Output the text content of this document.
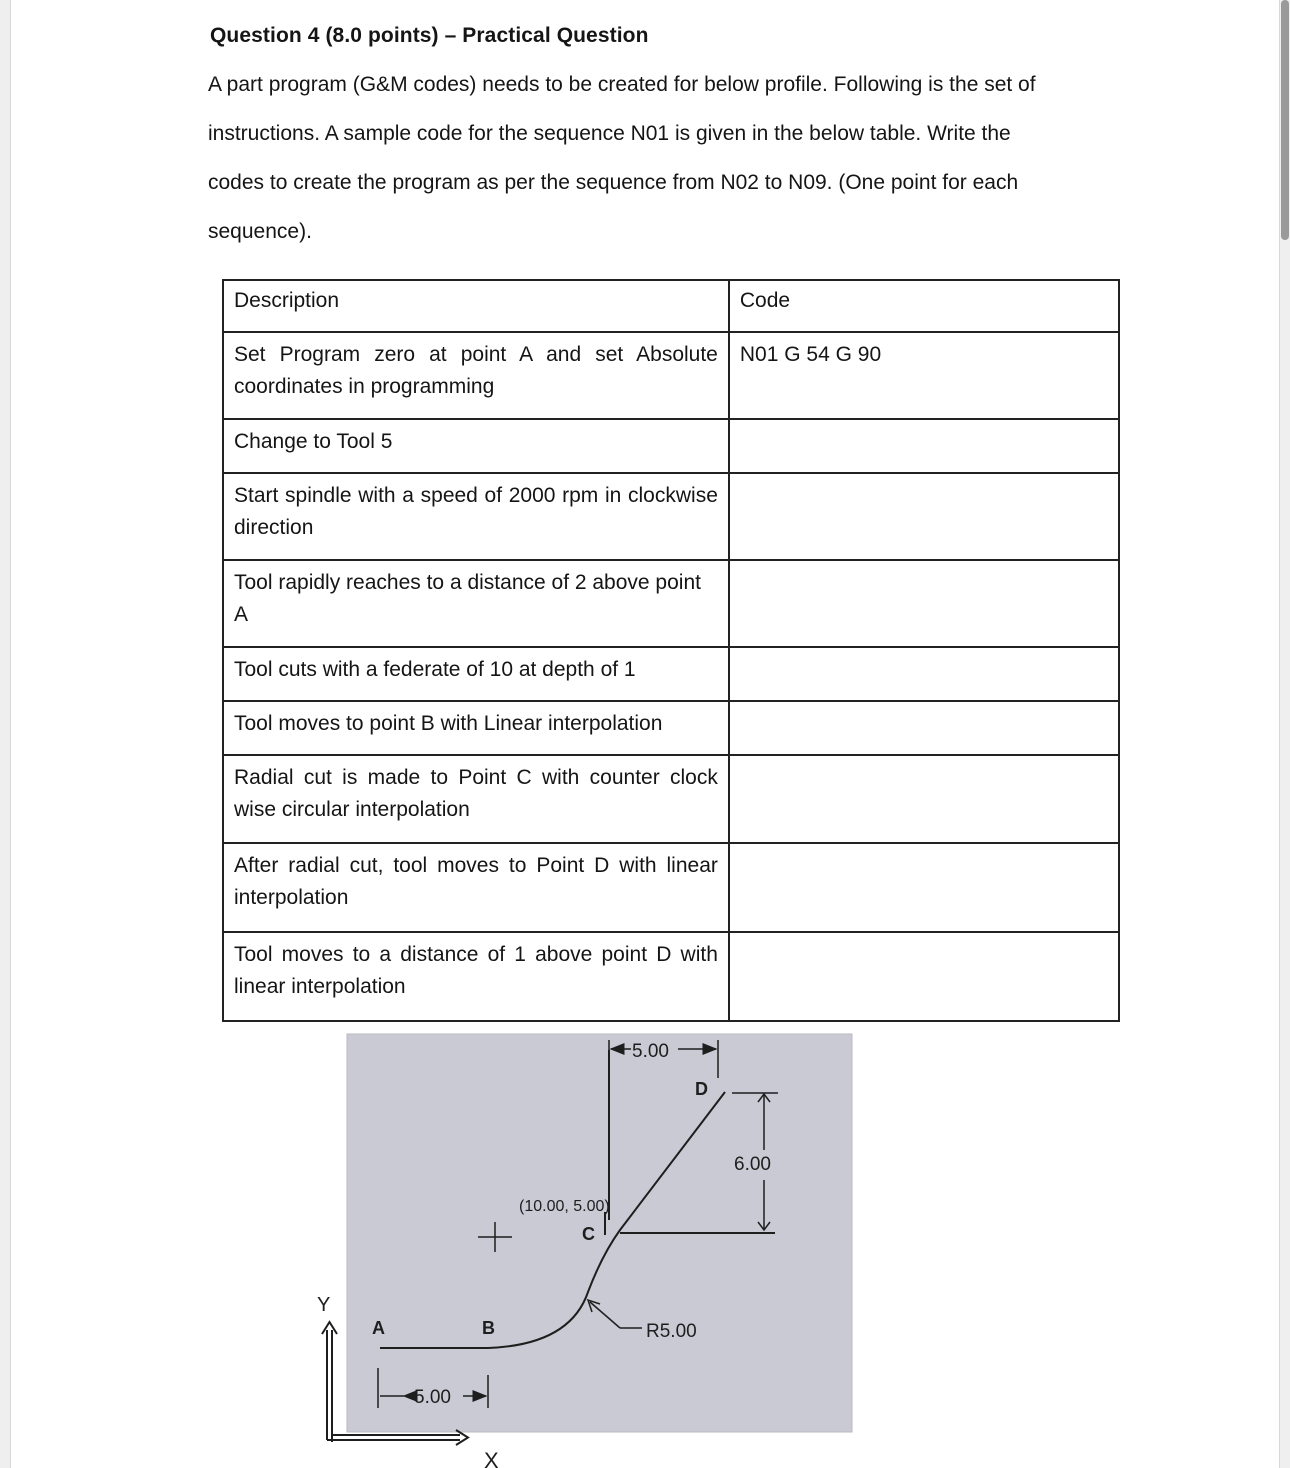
Question 4 (8.0 points) – Practical Question
A part program (G&M codes) needs to be created for below profile. Following is the set of
instructions. A sample code for the sequence N01 is given in the below table. Write the
codes to create the program as per the sequence from N02 to N09. (One point for each
sequence).
Description	Code
Set Program zero at point A and set Absolute coordinates in programming	N01 G 54 G 90
Change to Tool 5	
Start spindle with a speed of 2000 rpm in clockwise direction	
Tool rapidly reaches to a distance of 2 above point A	
Tool cuts with a federate of 10 at depth of 1	
Tool moves to point B with Linear interpolation	
Radial cut is made to Point C with counter clock wise circular interpolation	
After radial cut, tool moves to Point D with linear interpolation	
Tool moves to a distance of 1 above point D with linear interpolation	
Y
X
5.00
5.00
6.00
R5.00
A	B
C
D
(10.00, 5.00)
